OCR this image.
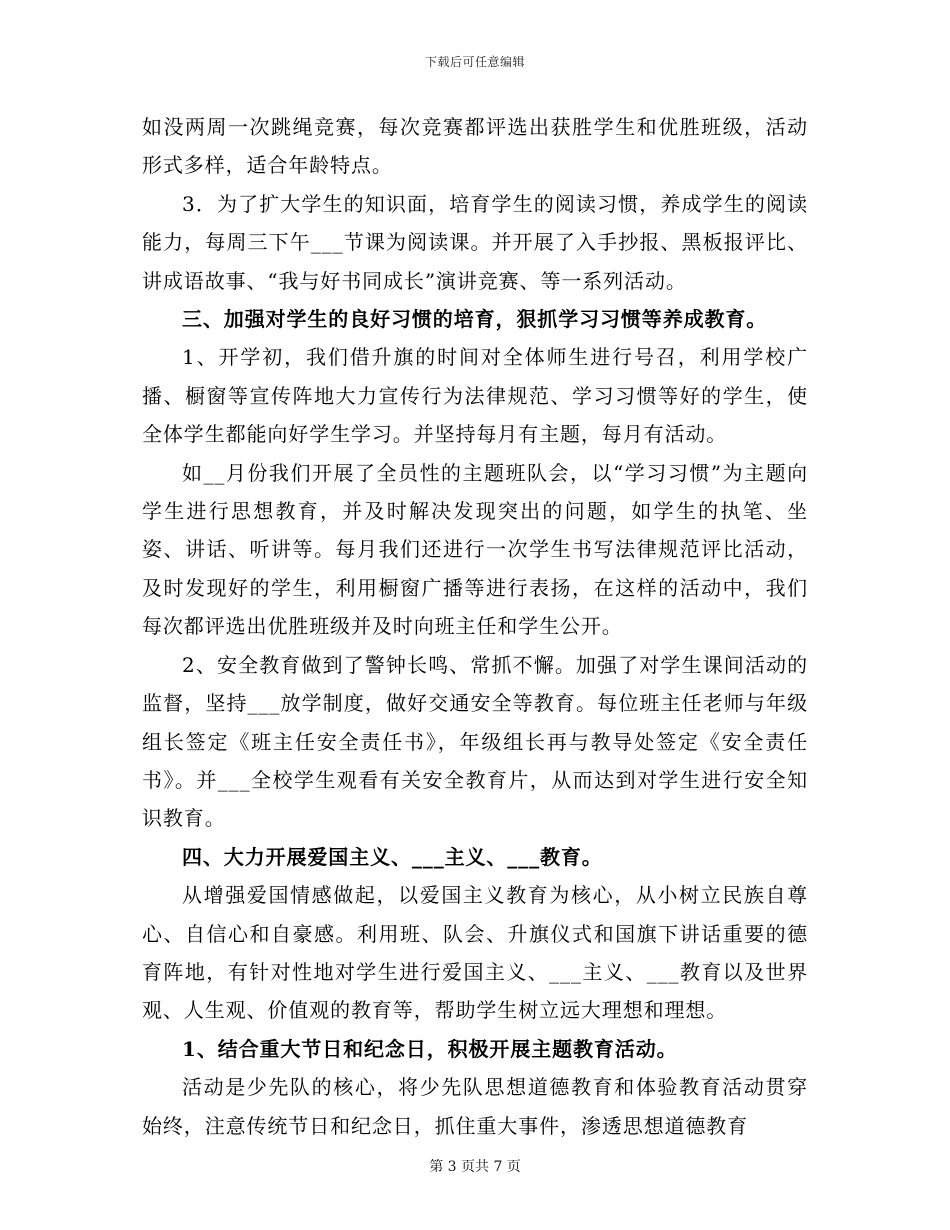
下载后可任意编辑

如没两周一次跳绳竞赛，每次竞赛都评选出获胜学生和优胜班级，活动形式多样，适合年龄特点。

3．为了扩大学生的知识面，培育学生的阅读习惯，养成学生的阅读能力，每周三下午___节课为阅读课。并开展了入手抄报、黑板报评比、讲成语故事、“我与好书同成长”演讲竞赛、等一系列活动。

三、加强对学生的良好习惯的培育，狠抓学习习惯等养成教育。

1、开学初，我们借升旗的时间对全体师生进行号召，利用学校广播、橱窗等宣传阵地大力宣传行为法律规范、学习习惯等好的学生，使全体学生都能向好学生学习。并坚持每月有主题，每月有活动。

如__月份我们开展了全员性的主题班队会，以“学习习惯”为主题向学生进行思想教育，并及时解决发现突出的问题，如学生的执笔、坐姿、讲话、听讲等。每月我们还进行一次学生书写法律规范评比活动，及时发现好的学生，利用橱窗广播等进行表扬，在这样的活动中，我们每次都评选出优胜班级并及时向班主任和学生公开。

2、安全教育做到了警钟长鸣、常抓不懈。加强了对学生课间活动的监督，坚持___放学制度，做好交通安全等教育。每位班主任老师与年级组长签定《班主任安全责任书》，年级组长再与教导处签定《安全责任书》。并___全校学生观看有关安全教育片，从而达到对学生进行安全知识教育。

四、大力开展爱国主义、___主义、___教育。

从增强爱国情感做起，以爱国主义教育为核心，从小树立民族自尊心、自信心和自豪感。利用班、队会、升旗仪式和国旗下讲话重要的德育阵地，有针对性地对学生进行爱国主义、___主义、___教育以及世界观、人生观、价值观的教育等，帮助学生树立远大理想和理想。

1、结合重大节日和纪念日，积极开展主题教育活动。

活动是少先队的核心，将少先队思想道德教育和体验教育活动贯穿始终，注意传统节日和纪念日，抓住重大事件，渗透思想道德教育

第 3 页共 7 页
